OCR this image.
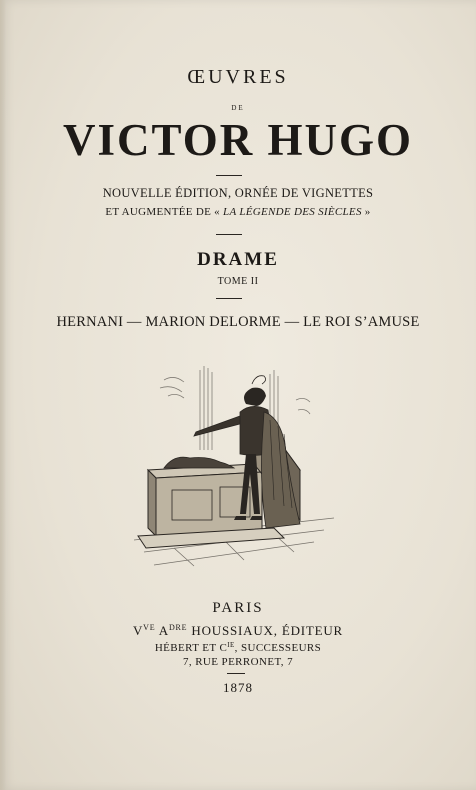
ŒUVRES
DE
VICTOR HUGO
NOUVELLE ÉDITION, ORNÉE DE VIGNETTES
ET AUGMENTÉE DE « LA LÉGENDE DES SIÈCLES »
DRAME
TOME II
HERNANI — MARION DELORME — LE ROI S’AMUSE
PARIS
$V^{VE}$ $A^{DRE}$ HOUSSIAUX, ÉDITEUR
HÉBERT ET $C^{IE}$, SUCCESSEURS
7, RUE PERRONET, 7
1878
